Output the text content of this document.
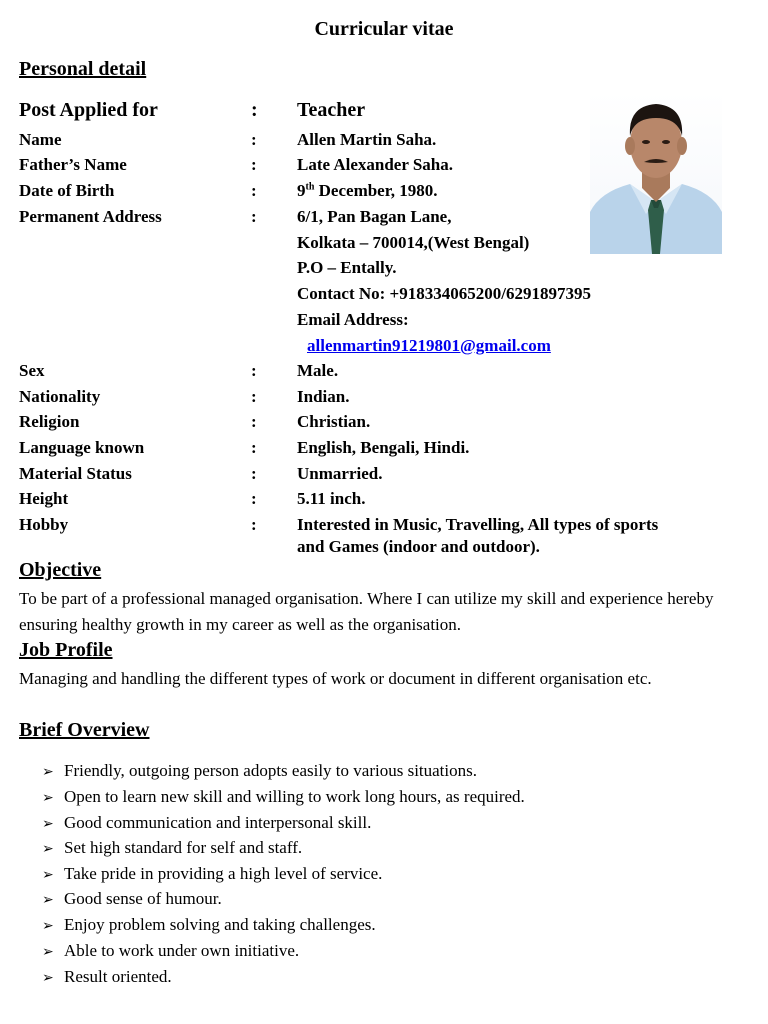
Curricular vitae
Personal detail
Post Applied for	: Teacher
Name	: Allen Martin Saha.
Father’s Name	: Late Alexander Saha.
Date of Birth	: 9th December, 1980.
Permanent Address	: 6/1, Pan Bagan Lane,
Kolkata – 700014,(West Bengal)
P.O – Entally.
Contact No: +918334065200/6291897395
Email Address:
allenmartin91219801@gmail.com
Sex	: Male.
Nationality	: Indian.
Religion	: Christian.
Language known	: English, Bengali, Hindi.
Material Status	: Unmarried.
Height	: 5.11 inch.
Hobby	: Interested in Music, Travelling, All types of sports
and Games (indoor and outdoor).
Objective
To be part of a professional managed organisation. Where I can utilize my skill and experience hereby ensuring healthy growth in my career as well as the organisation.
Job Profile
Managing and handling the different types of work or document in different organisation etc.
Brief Overview
➢ Friendly, outgoing person adopts easily to various situations.
➢ Open to learn new skill and willing to work long hours, as required.
➢ Good communication and interpersonal skill.
➢ Set high standard for self and staff.
➢ Take pride in providing a high level of service.
➢ Good sense of humour.
➢ Enjoy problem solving and taking challenges.
➢ Able to work under own initiative.
➢ Result oriented.
